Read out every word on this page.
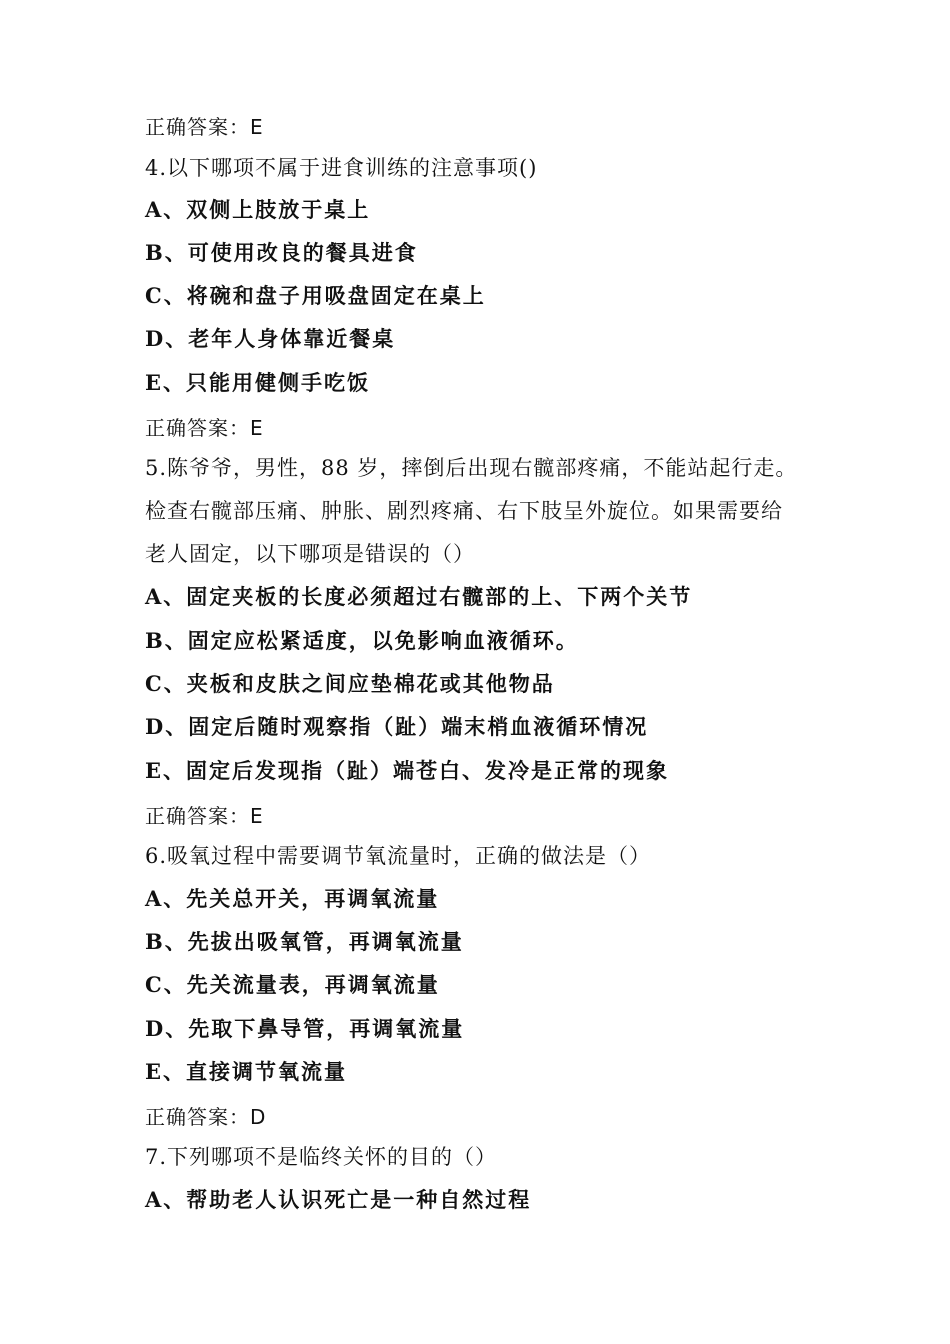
正确答案：E
4.以下哪项不属于进食训练的注意事项()
A、双侧上肢放于桌上
B、可使用改良的餐具进食
C、将碗和盘子用吸盘固定在桌上
D、老年人身体靠近餐桌
E、只能用健侧手吃饭
正确答案：E
5.陈爷爷，男性，88 岁，摔倒后出现右髋部疼痛，不能站起行走。
检查右髋部压痛、肿胀、剧烈疼痛、右下肢呈外旋位。如果需要给
老人固定，以下哪项是错误的（）
A、固定夹板的长度必须超过右髋部的上、下两个关节
B、固定应松紧适度，以免影响血液循环。
C、夹板和皮肤之间应垫棉花或其他物品
D、固定后随时观察指（趾）端末梢血液循环情况
E、固定后发现指（趾）端苍白、发冷是正常的现象
正确答案：E
6.吸氧过程中需要调节氧流量时，正确的做法是（）
A、先关总开关，再调氧流量
B、先拔出吸氧管，再调氧流量
C、先关流量表，再调氧流量
D、先取下鼻导管，再调氧流量
E、直接调节氧流量
正确答案：D
7.下列哪项不是临终关怀的目的（）
A、帮助老人认识死亡是一种自然过程
